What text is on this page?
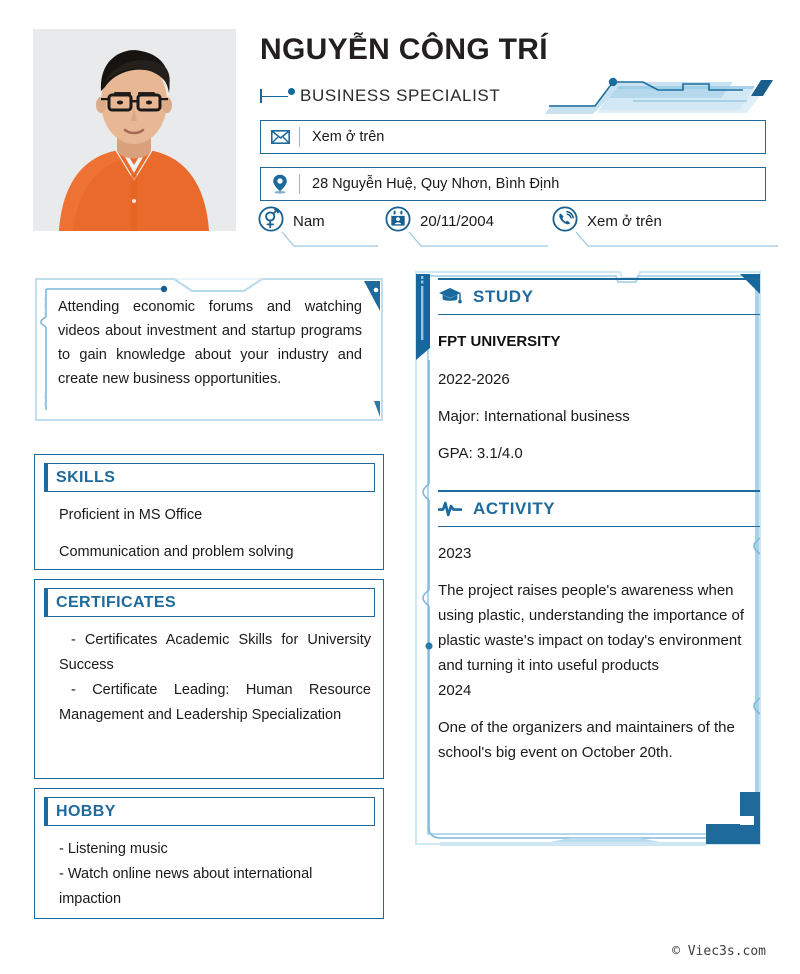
NGUYỄN CÔNG TRÍ
BUSINESS SPECIALIST
Xem ở trên
28 Nguyễn Huệ, Quy Nhơn, Bình Định
Nam	20/11/2004	Xem ở trên
Attending economic forums and watching videos about investment and startup programs to gain knowledge about your industry and create new business opportunities.
SKILLS
Proficient in MS Office
Communication and problem solving
CERTIFICATES

- Certificates Academic Skills for University Success

- Certificate Leading: Human Resource Management and Leadership Specialization

HOBBY

- Listening music

- Watch online news about international impaction

STUDY
FPT UNIVERSITY
2022-2026
Major: International business
GPA: 3.1/4.0
ACTIVITY
2023
The project raises people's awareness when using plastic, understanding the importance of plastic waste's impact on today's environment and turning it into useful products
2024
One of the organizers and maintainers of the school's big event on October 20th.
© Viec3s.com
